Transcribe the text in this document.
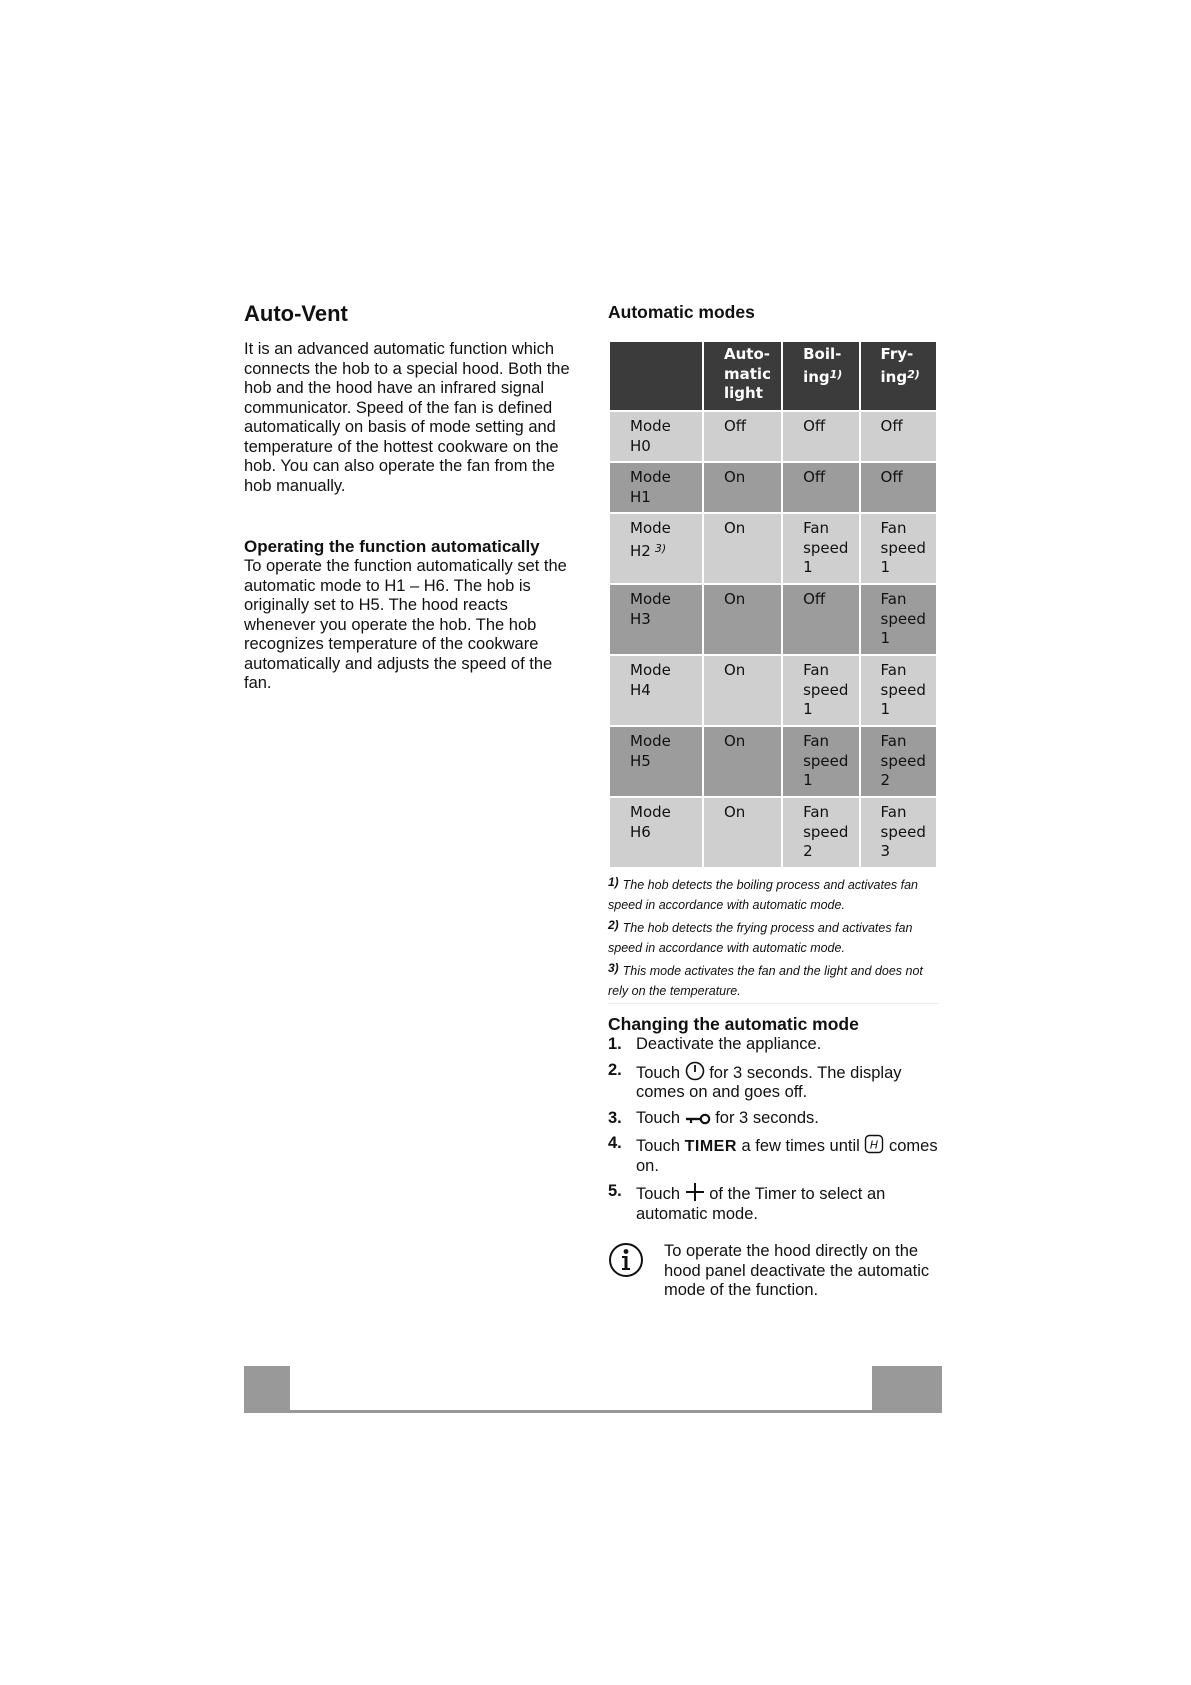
Auto-Vent

It is an advanced automatic function which connects the hob to a special hood. Both the hob and the hood have an infrared signal communicator. Speed of the fan is defined automatically on basis of mode setting and temperature of the hottest cookware on the hob. You can also operate the fan from the hob manually.

Operating the function automatically

To operate the function automatically set the automatic mode to H1 – H6. The hob is originally set to H5. The hood reacts whenever you operate the hob. The hob recognizes temperature of the cookware automatically and adjusts the speed of the fan.

Automatic modes
	Auto-
matic
light	Boil-
ing$^{1)}$	Fry-
ing$^{2)}$
Mode
H0	Off	Off	Off
Mode
H1	On	Off	Off
Mode
H2 $^{3)}$	On	Fan
speed
1	Fan
speed
1
Mode
H3	On	Off	Fan
speed
1
Mode
H4	On	Fan
speed
1	Fan
speed
1
Mode
H5	On	Fan
speed
1	Fan
speed
2
Mode
H6	On	Fan
speed
2	Fan
speed
3
1) The hob detects the boiling process and activates fan speed in accordance with automatic mode.
2) The hob detects the frying process and activates fan speed in accordance with automatic mode.
3) This mode activates the fan and the light and does not rely on the temperature.
Changing the automatic mode
1. Deactivate the appliance.
2. Touch for 3 seconds. The display comes on and goes off.
3. Touch for 3 seconds.
4. Touch TIMER a few times until H comes on.
5. Touch of the Timer to select an automatic mode.
To operate the hood directly on the hood panel deactivate the automatic mode of the function.
